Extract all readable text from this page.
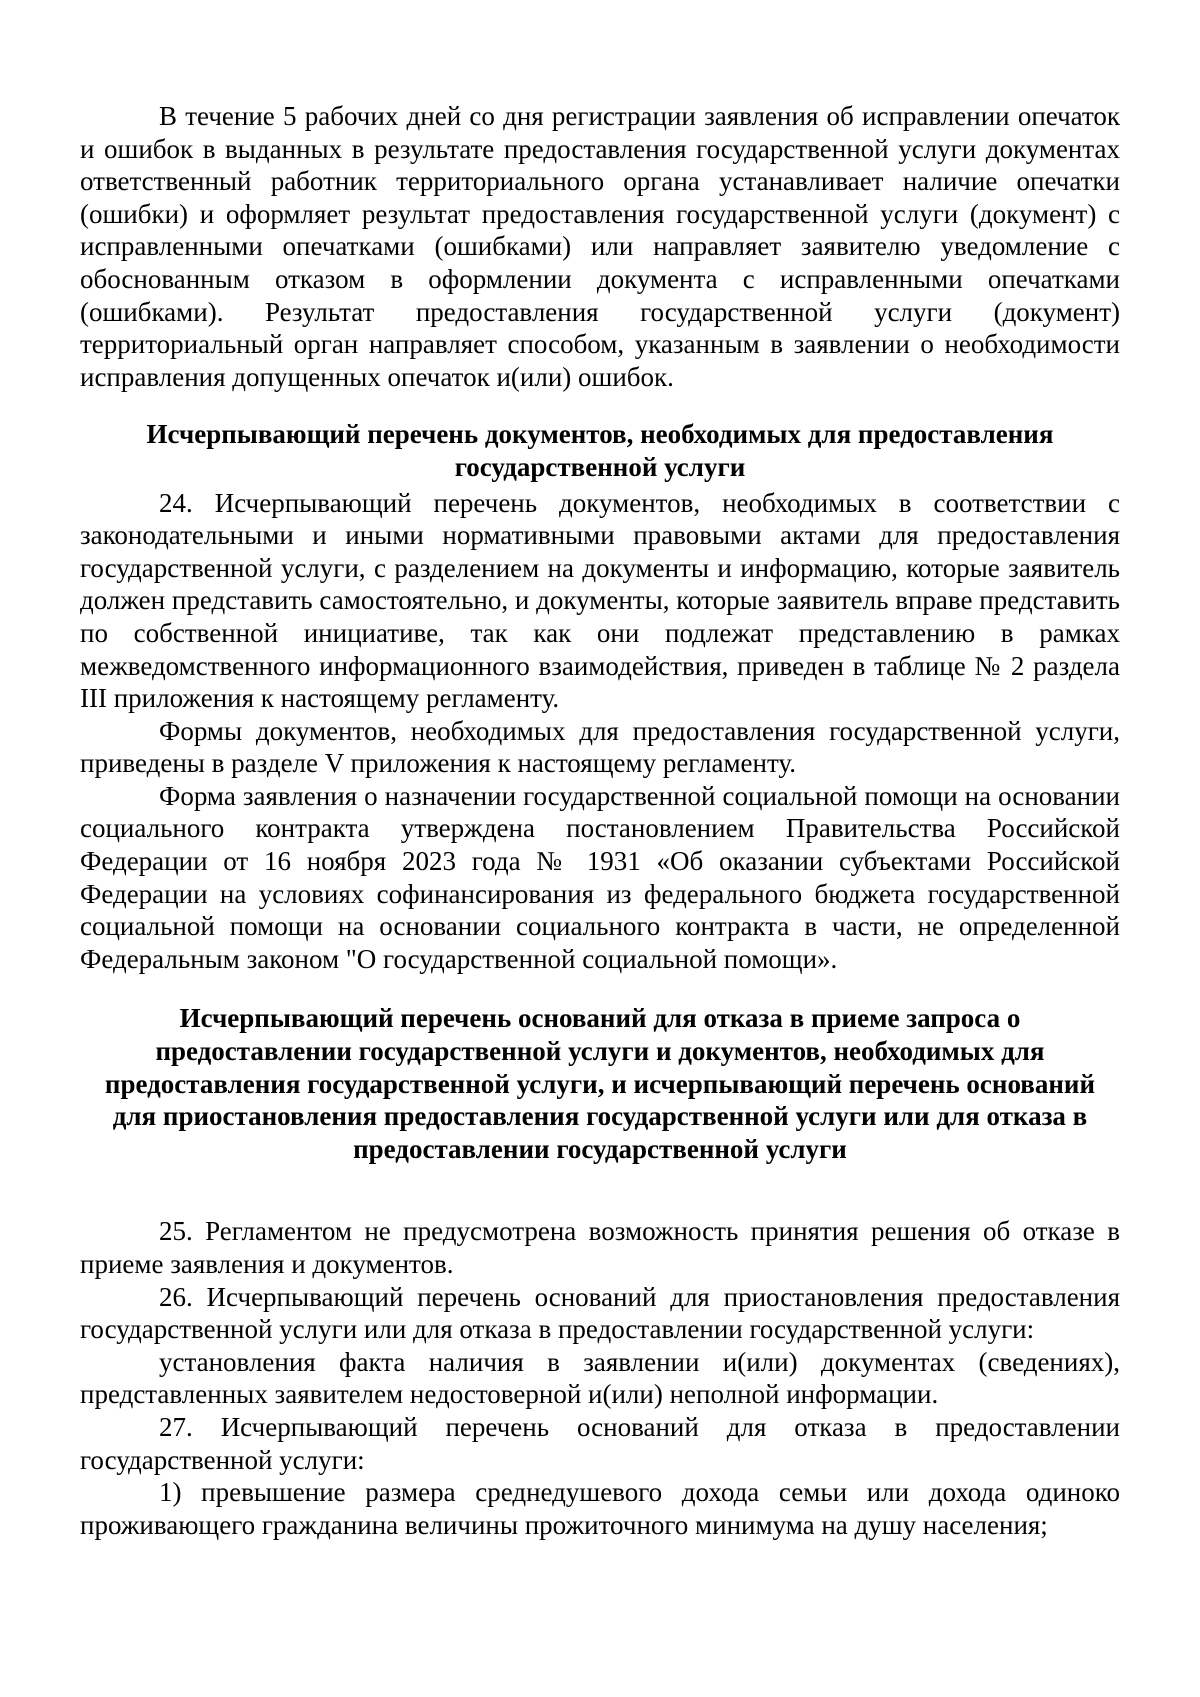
В течение 5 рабочих дней со дня регистрации заявления об исправлении опечаток и ошибок в выданных в результате предоставления государственной услуги документах ответственный работник территориального органа устанавливает наличие опечатки (ошибки) и оформляет результат предоставления государственной услуги (документ) с исправленными опечатками (ошибками) или направляет заявителю уведомление с обоснованным отказом в оформлении документа с исправленными опечатками (ошибками). Результат предоставления государственной услуги (документ) территориальный орган направляет способом, указанным в заявлении о необходимости исправления допущенных опечаток и(или) ошибок.

Исчерпывающий перечень документов, необходимых для предоставления государственной услуги

24. Исчерпывающий перечень документов, необходимых в соответствии с законодательными и иными нормативными правовыми актами для предоставления государственной услуги, с разделением на документы и информацию, которые заявитель должен представить самостоятельно, и документы, которые заявитель вправе представить по собственной инициативе, так как они подлежат представлению в рамках межведомственного информационного взаимодействия, приведен в таблице № 2 раздела III приложения к настоящему регламенту.

Формы документов, необходимых для предоставления государственной услуги, приведены в разделе V приложения к настоящему регламенту.

Форма заявления о назначении государственной социальной помощи на основании социального контракта утверждена постановлением Правительства Российской Федерации от 16 ноября 2023 года № 1931 «Об оказании субъектами Российской Федерации на условиях софинансирования из федерального бюджета государственной социальной помощи на основании социального контракта в части, не определенной Федеральным законом "О государственной социальной помощи».

Исчерпывающий перечень оснований для отказа в приеме запроса о предоставлении государственной услуги и документов, необходимых для предоставления государственной услуги, и исчерпывающий перечень оснований для приостановления предоставления государственной услуги или для отказа в предоставлении государственной услуги

25. Регламентом не предусмотрена возможность принятия решения об отказе в приеме заявления и документов.

26. Исчерпывающий перечень оснований для приостановления предоставления государственной услуги или для отказа в предоставлении государственной услуги:

установления факта наличия в заявлении и(или) документах (сведениях), представленных заявителем недостоверной и(или) неполной информации.

27. Исчерпывающий перечень оснований для отказа в предоставлении государственной услуги:

1) превышение размера среднедушевого дохода семьи или дохода одиноко проживающего гражданина величины прожиточного минимума на душу населения;
